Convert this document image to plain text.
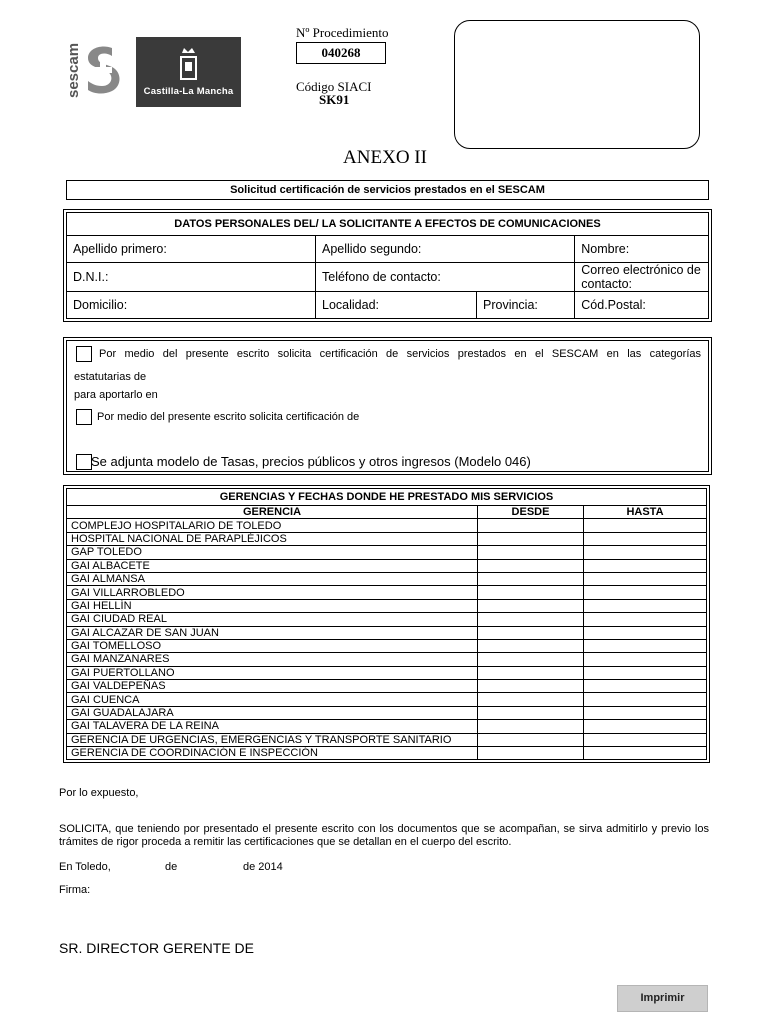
sescam	Castilla-La Mancha
Nº Procedimiento
040268
Código SIACI
SK91
ANEXO II
Solicitud certificación de servicios prestados en el SESCAM
DATOS PERSONALES DEL/ LA SOLICITANTE A EFECTOS DE COMUNICACIONES			
Apellido primero:	Apellido segundo:		Nombre:
D.N.I.:	Teléfono de contacto:		Correo electrónico de contacto:
Domicilio:	Localidad:	Provincia:	Cód.Postal:
Por medio del presente escrito solicita certificación de servicios prestados en el SESCAM en las categorías
estatutarias de
para aportarlo en
Por medio del presente escrito solicita certificación de
Se adjunta modelo de Tasas, precios públicos y otros ingresos (Modelo 046)
GERENCIAS Y FECHAS DONDE HE PRESTADO MIS SERVICIOS		
GERENCIA	DESDE	HASTA
COMPLEJO HOSPITALARIO DE TOLEDO		
HOSPITAL NACIONAL DE PARAPLÉJICOS		
GAP TOLEDO		
GAI ALBACETE		
GAI ALMANSA		
GAI VILLARROBLEDO		
GAI HELLÍN		
GAI CIUDAD REAL		
GAI ALCAZAR DE SAN JUAN		
GAI TOMELLOSO		
GAI MANZANARES		
GAI PUERTOLLANO		
GAI VALDEPEÑAS		
GAI CUENCA		
GAI GUADALAJARA		
GAI TALAVERA DE LA REINA		
GERENCIA DE URGENCIAS, EMERGENCIAS Y TRANSPORTE SANITARIO		
GERENCIA DE COORDINACIÓN E INSPECCIÓN		
Por lo expuesto,
SOLICITA, que teniendo por presentado el presente escrito con los documentos que se acompañan, se sirva admitirlo y previo los trámites de rigor proceda a remitir las certificaciones que se detallan en el cuerpo del escrito.
En Toledo,	de	de 2014
Firma:
SR. DIRECTOR GERENTE DE
Imprimir
